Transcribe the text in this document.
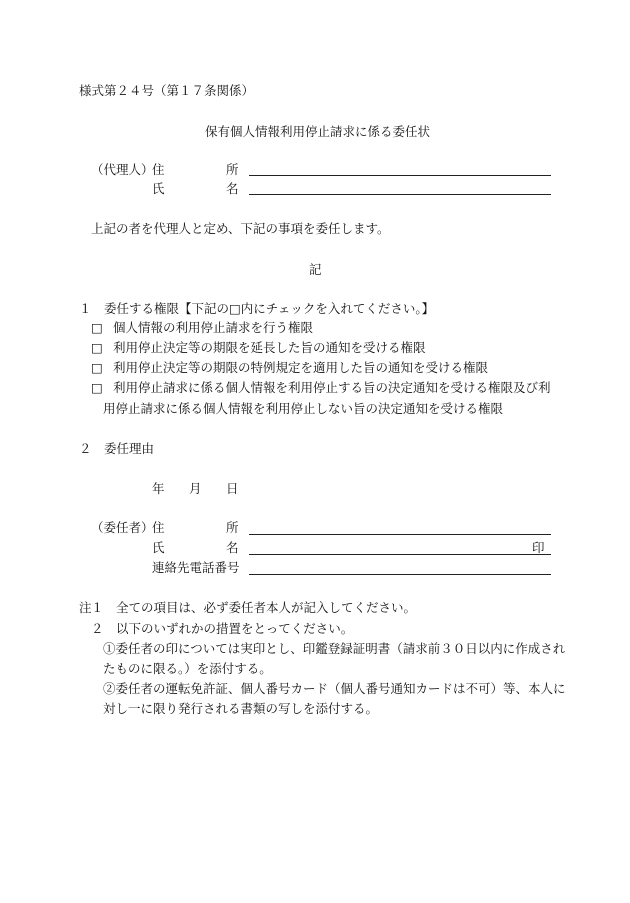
様式第２４号（第１７条関係）
保有個人情報利用停止請求に係る委任状
（代理人）
住	所
氏	名
上記の者を代理人と定め、下記の事項を委任します。
記
１　委任する権限【下記の□内にチェックを入れてください。】
□ 個人情報の利用停止請求を行う権限
□ 利用停止決定等の期限を延長した旨の通知を受ける権限
□ 利用停止決定等の期限の特例規定を適用した旨の通知を受ける権限
□ 利用停止請求に係る個人情報を利用停止する旨の決定通知を受ける権限及び利
用停止請求に係る個人情報を利用停止しない旨の決定通知を受ける権限
２　委任理由
年 月 日
（委任者）
住	所
氏	名	印
連絡先電話番号
注 １ 全ての項目は、必ず委任者本人が記入してください。
２ 以下のいずれかの措置をとってください。
①委任者の印については実印とし、印鑑登録証明書（請求前３０日以内に作成され
たものに限る。）を添付する。
②委任者の運転免許証、個人番号カード（個人番号通知カードは不可）等、本人に
対し一に限り発行される書類の写しを添付する。
